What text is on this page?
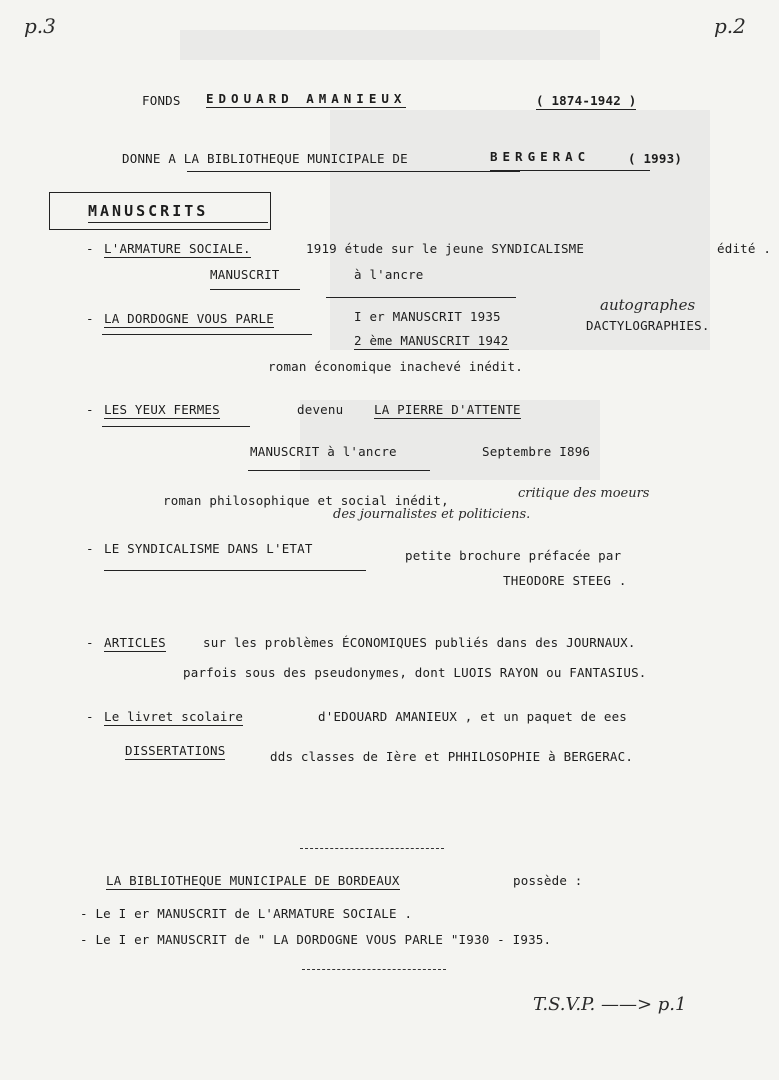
p.3	p.2
FONDS EDOUARD AMANIEUX	( 1874-1942 )
DONNE A LA BIBLIOTHEQUE MUNICIPALE DE	BERGERAC	( 1993)
MANUSCRITS
- L'ARMATURE SOCIALE.	1919 étude sur le jeune SYNDICALISME	édité .
MANUSCRIT	à l'ancre
- LA DORDOGNE VOUS PARLE	I er MANUSCRIT 1935
2 ème MANUSCRIT 1942
autographes
DACTYLOGRAPHIES.
roman économique inachevé inédit.
- LES YEUX FERMES	devenu LA PIERRE D'ATTENTE
MANUSCRIT à l'ancre	Septembre I896
roman philosophique et social inédit,	critique des moeurs
des journalistes et politiciens.
- LE SYNDICALISME DANS L'ETAT	petite brochure préfacée par
THEODORE STEEG .
- ARTICLES	sur les problèmes ÉCONOMIQUES publiés dans des JOURNAUX.
parfois sous des pseudonymes, dont LUOIS RAYON ou FANTASIUS.
- Le livret scolaire	d'EDOUARD AMANIEUX , et un paquet de ees
DISSERTATIONS	dds classes de Ière et PHHILOSOPHIE à BERGERAC.
LA BIBLIOTHEQUE MUNICIPALE DE BORDEAUX	possède :
- Le I er MANUSCRIT de L'ARMATURE SOCIALE .
- Le I er MANUSCRIT de " LA DORDOGNE VOUS PARLE "I930 - I935.
T.S.V.P. ——> p.1
